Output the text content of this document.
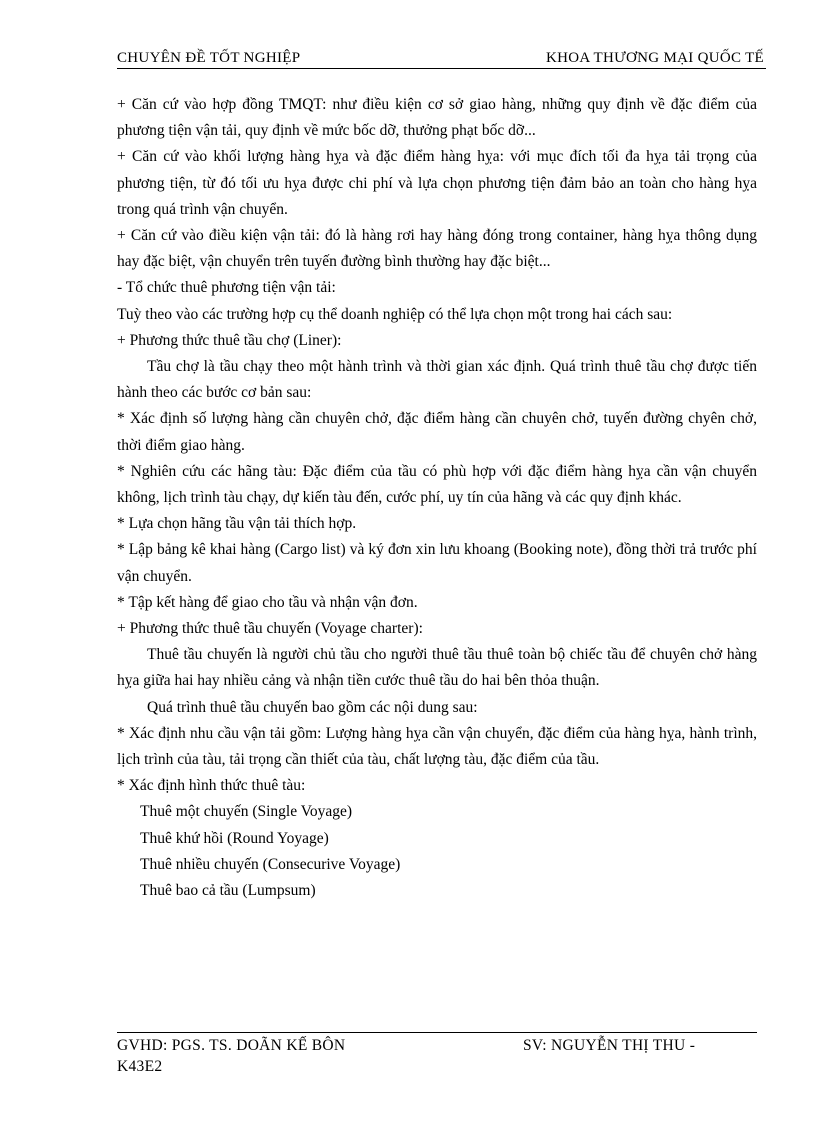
CHUYÊN ĐỀ TỐT NGHIỆP	KHOA THƯƠNG MẠI QUỐC TẾ

+ Căn cứ vào hợp đồng TMQT: như điều kiện cơ sở giao hàng, những quy định về đặc điểm của phương tiện vận tải, quy định về mức bốc dỡ, thưởng phạt bốc dỡ...

+ Căn cứ vào khối lượng hàng hỵa và đặc điểm hàng hỵa: với mục đích tối đa hỵa tải trọng của phương tiện, từ đó tối ưu hỵa được chi phí và lựa chọn phương tiện đảm bảo an toàn cho hàng hỵa trong quá trình vận chuyển.

+ Căn cứ vào điều kiện vận tải: đó là hàng rơi hay hàng đóng trong container, hàng hỵa thông dụng hay đặc biệt, vận chuyển trên tuyến đường bình thường hay đặc biệt...

- Tổ chức thuê phương tiện vận tải:

Tuỳ theo vào các trường hợp cụ thể doanh nghiệp có thể lựa chọn một trong hai cách sau:

+ Phương thức thuê tầu chợ (Liner):

Tầu chợ là tầu chạy theo một hành trình và thời gian xác định. Quá trình thuê tầu chợ được tiến hành theo các bước cơ bản sau:

* Xác định số lượng hàng cần chuyên chở, đặc điểm hàng cần chuyên chở, tuyến đường chyên chở, thời điểm giao hàng.

* Nghiên cứu các hãng tàu: Đặc điểm của tầu có phù hợp với đặc điểm hàng hỵa cần vận chuyển không, lịch trình tàu chạy, dự kiến tàu đến, cước phí, uy tín của hãng và các quy định khác.

* Lựa chọn hãng tầu vận tải thích hợp.

* Lập bảng kê khai hàng (Cargo list) và ký đơn xin lưu khoang (Booking note), đồng thời trả trước phí vận chuyển.

* Tập kết hàng để giao cho tầu và nhận vận đơn.

+ Phương thức thuê tầu chuyến (Voyage charter):

Thuê tầu chuyến là người chủ tầu cho người thuê tầu thuê toàn bộ chiếc tầu để chuyên chở hàng hỵa giữa hai hay nhiều cảng và nhận tiền cước thuê tầu do hai bên thỏa thuận.

Quá trình thuê tầu chuyến bao gồm các nội dung sau:

* Xác định nhu cầu vận tải gồm: Lượng hàng hỵa cần vận chuyển, đặc điểm của hàng hỵa, hành trình, lịch trình của tàu, tải trọng cần thiết của tàu, chất lượng tàu, đặc điểm của tầu.

* Xác định hình thức thuê tàu:

Thuê một chuyến (Single Voyage)

Thuê khứ hồi (Round Yoyage)

Thuê nhiều chuyến (Consecurive Voyage)

Thuê bao cả tầu (Lumpsum)

GVHD: PGS. TS. DOÃN KẾ BÔN	SV: NGUYỄN THỊ THU -
K43E2
